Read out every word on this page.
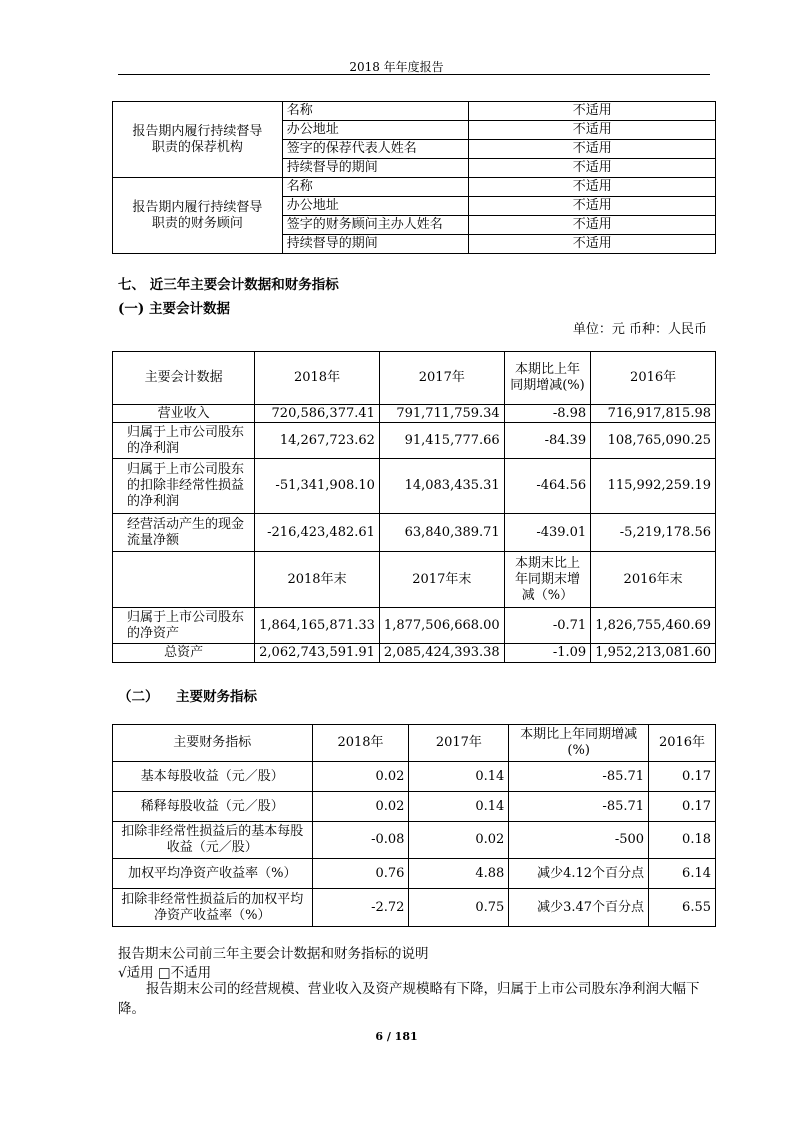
2018 年年度报告
报告期内履行持续督导职责的保荐机构	名称	不适用
	办公地址	不适用
	签字的保荐代表人姓名	不适用
	持续督导的期间	不适用
报告期内履行持续督导职责的财务顾问	名称	不适用
	办公地址	不适用
	签字的财务顾问主办人姓名	不适用
	持续督导的期间	不适用
七、 近三年主要会计数据和财务指标
(一) 主要会计数据
单位：元 币种：人民币
主要会计数据	2018年	2017年	本期比上年同期增减(%)	2016年
营业收入	720,586,377.41	791,711,759.34	-8.98	716,917,815.98
归属于上市公司股东的净利润	14,267,723.62	91,415,777.66	-84.39	108,765,090.25
归属于上市公司股东的扣除非经常性损益的净利润	-51,341,908.10	14,083,435.31	-464.56	115,992,259.19
经营活动产生的现金流量净额	-216,423,482.61	63,840,389.71	-439.01	-5,219,178.56
	2018年末	2017年末	本期末比上年同期末增减（%）	2016年末
归属于上市公司股东的净资产	1,864,165,871.33	1,877,506,668.00	-0.71	1,826,755,460.69
总资产	2,062,743,591.91	2,085,424,393.38	-1.09	1,952,213,081.60
（二） 主要财务指标
主要财务指标	2018年	2017年	本期比上年同期增减(%)	2016年
基本每股收益（元／股）	0.02	0.14	-85.71	0.17
稀释每股收益（元／股）	0.02	0.14	-85.71	0.17
扣除非经常性损益后的基本每股收益（元／股）	-0.08	0.02	-500	0.18
加权平均净资产收益率（%）	0.76	4.88	减少4.12个百分点	6.14
扣除非经常性损益后的加权平均净资产收益率（%）	-2.72	0.75	减少3.47个百分点	6.55
报告期末公司前三年主要会计数据和财务指标的说明
√适用 □不适用
报告期末公司的经营规模、营业收入及资产规模略有下降，归属于上市公司股东净利润大幅下降。
6 / 181
